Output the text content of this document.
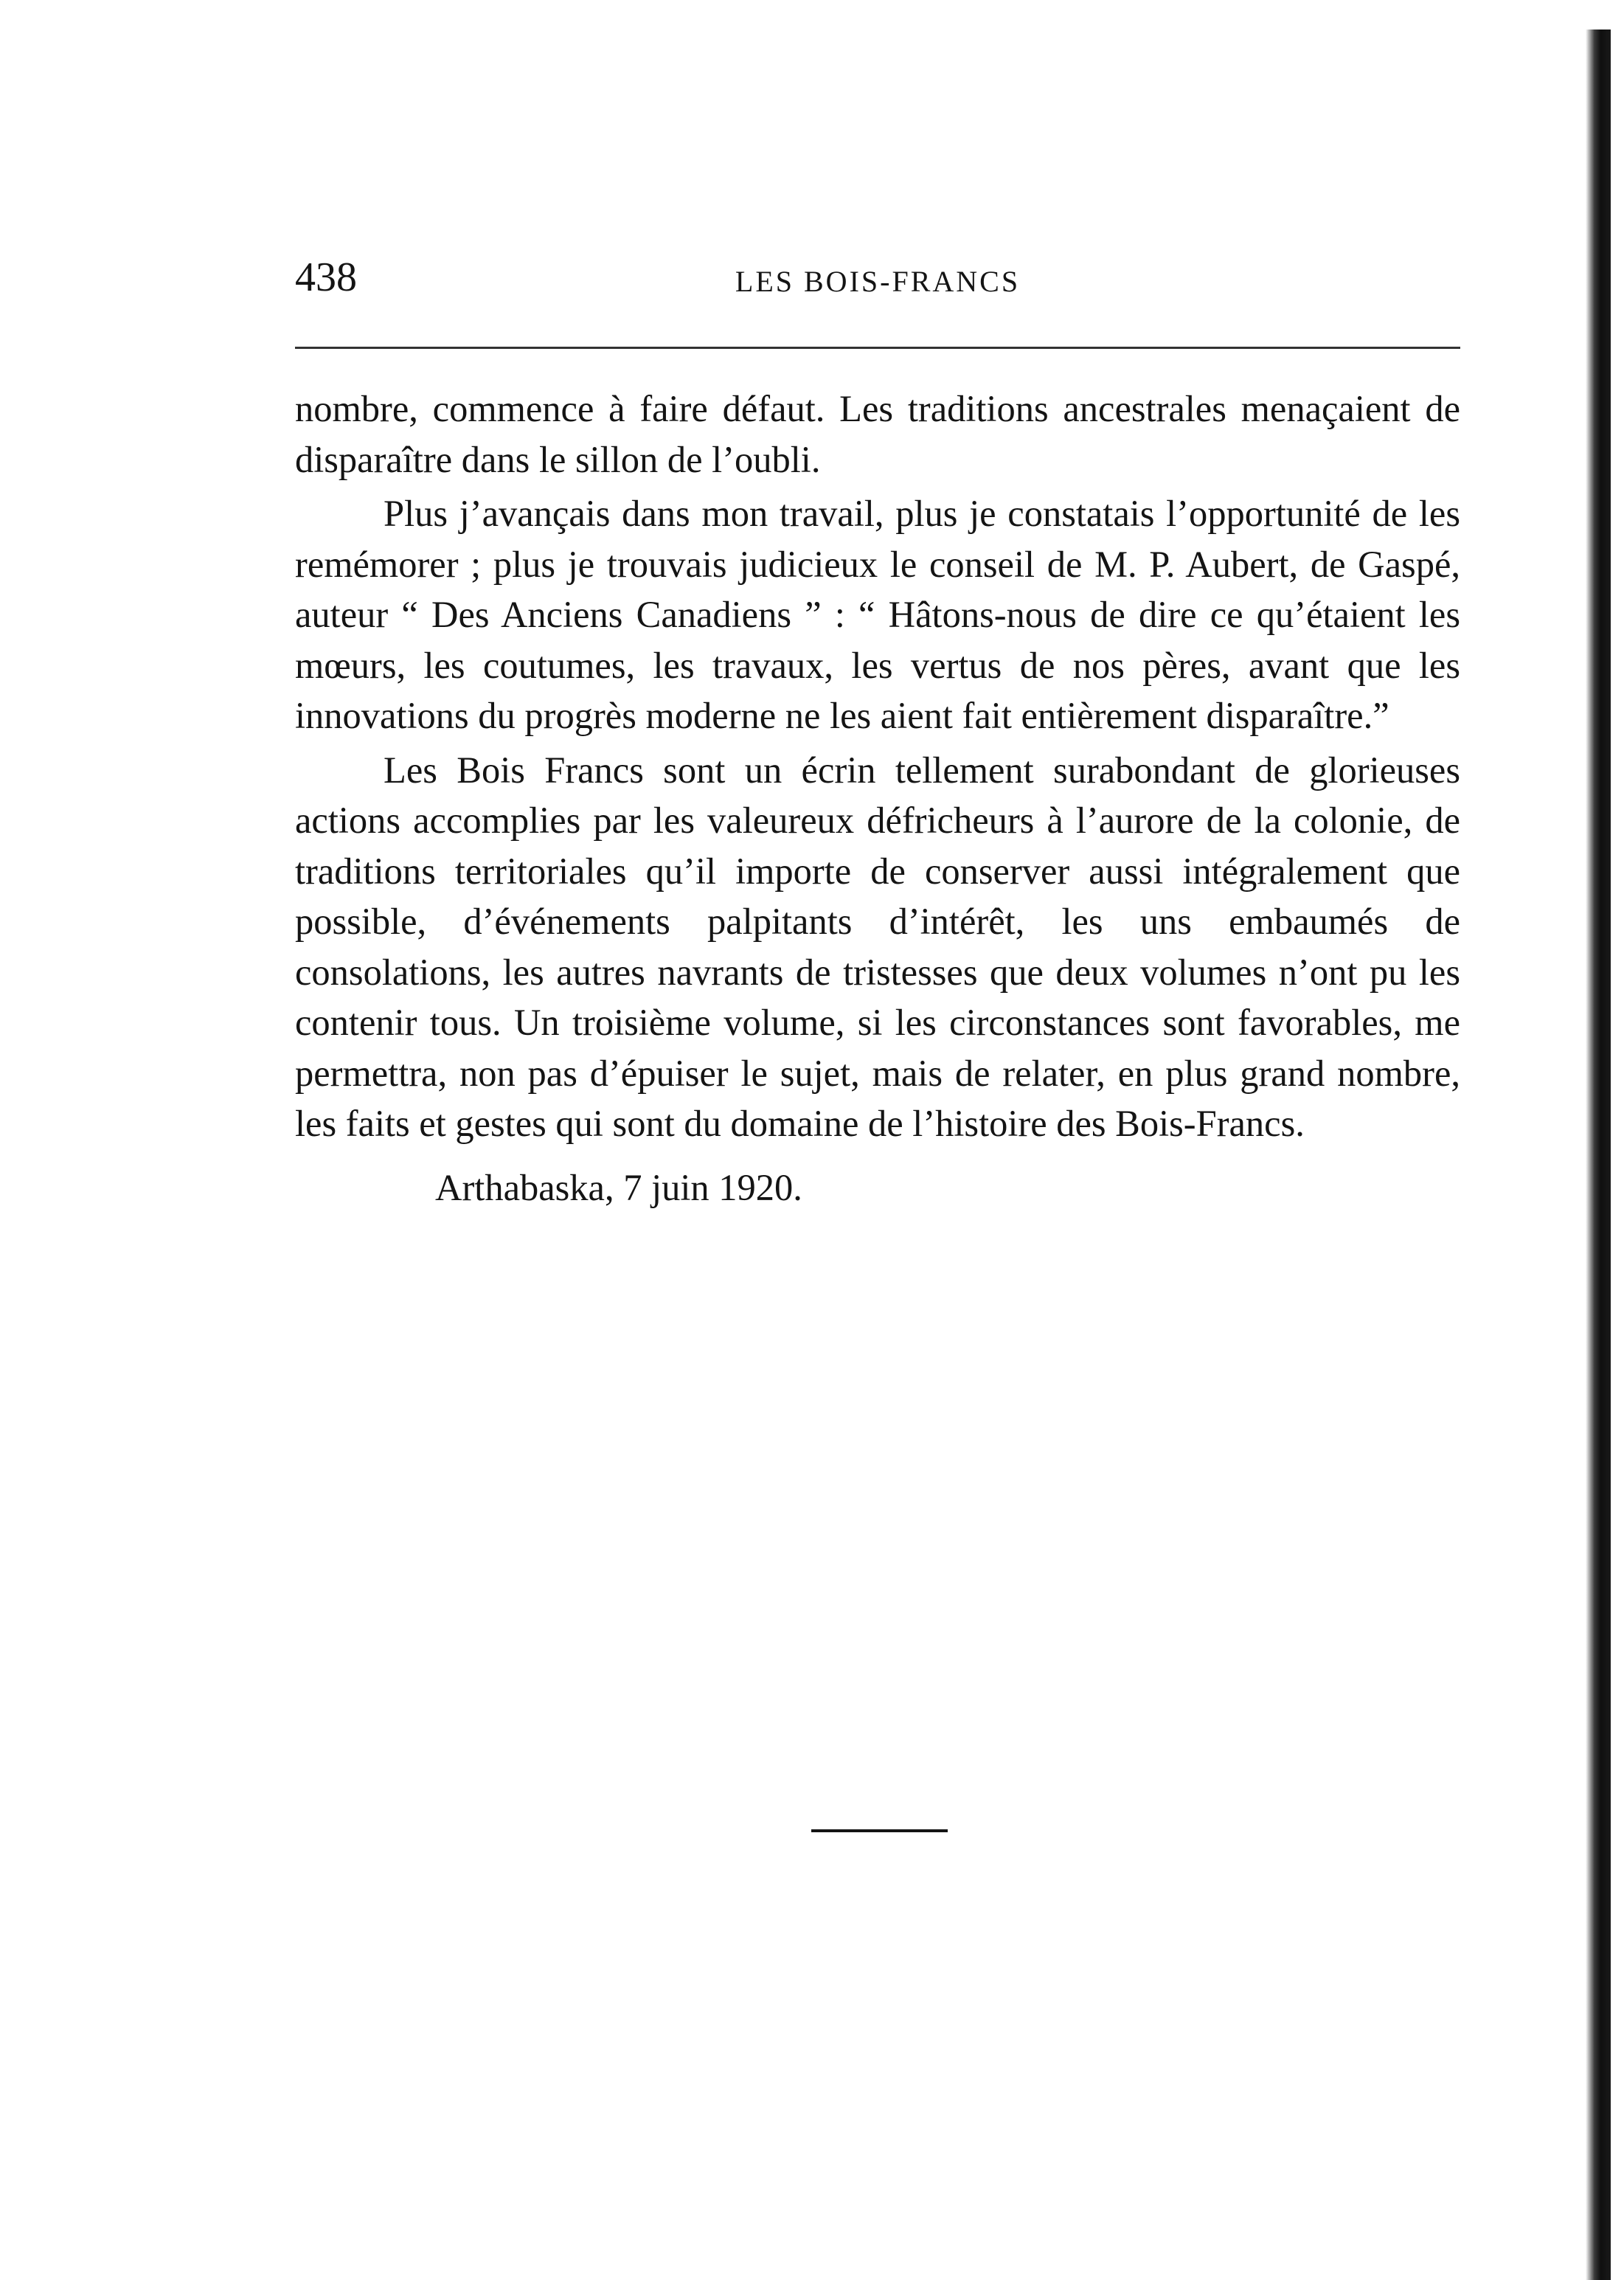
438	LES BOIS-FRANCS

nombre, commence à faire défaut. Les traditions ancestrales menaçaient de disparaître dans le sillon de l’oubli.

Plus j’avançais dans mon travail, plus je constatais l’opportunité de les remémorer ; plus je trouvais judicieux le conseil de M. P. Aubert, de Gaspé, auteur “ Des Anciens Canadiens ” : “ Hâtons-nous de dire ce qu’étaient les mœurs, les coutumes, les travaux, les vertus de nos pères, avant que les innovations du progrès moderne ne les aient fait entièrement disparaître.”

Les Bois Francs sont un écrin tellement surabondant de glorieuses actions accomplies par les valeureux défricheurs à l’aurore de la colonie, de traditions territoriales qu’il importe de conserver aussi intégralement que possible, d’événements palpitants d’intérêt, les uns embaumés de consolations, les autres navrants de tristesses que deux volumes n’ont pu les contenir tous. Un troisième volume, si les circonstances sont favorables, me permettra, non pas d’épuiser le sujet, mais de relater, en plus grand nombre, les faits et gestes qui sont du domaine de l’histoire des Bois-Francs.

Arthabaska, 7 juin 1920.
